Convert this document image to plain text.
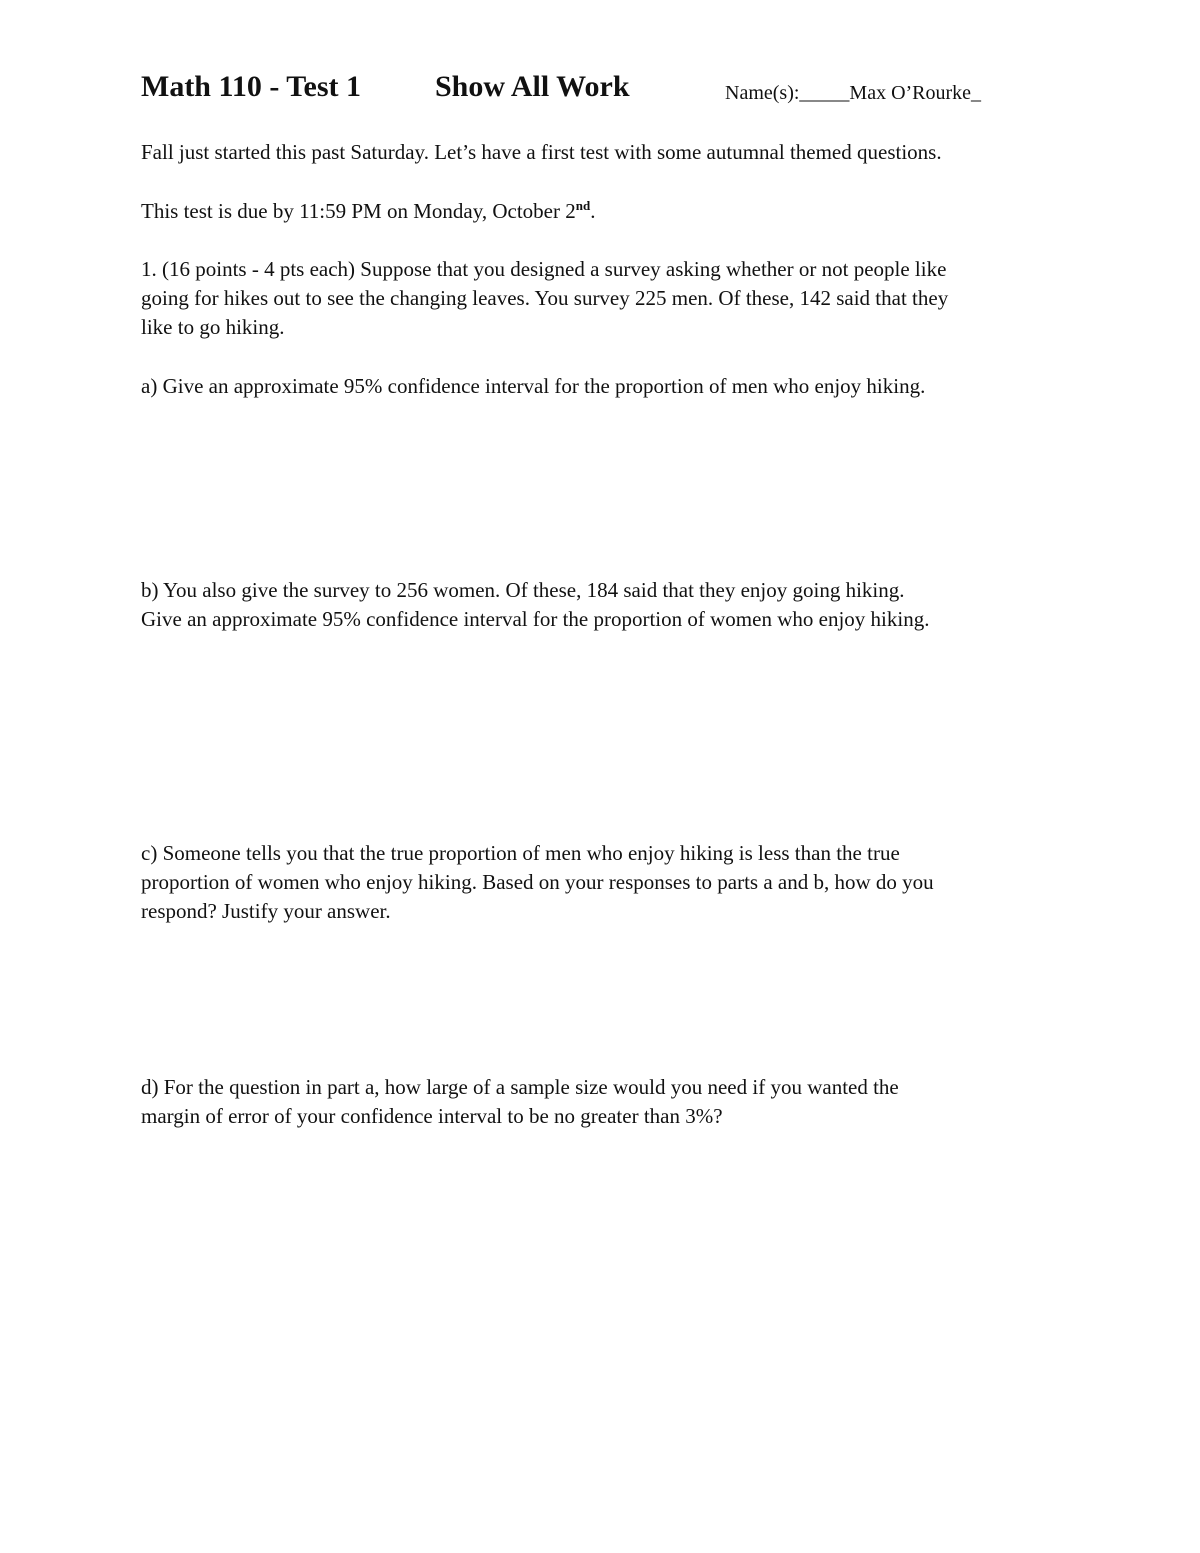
Math 110 - Test 1 Show All Work	Name(s):_____Max O’Rourke_

Fall just started this past Saturday. Let’s have a first test with some autumnal themed questions.

This test is due by 11:59 PM on Monday, October 2nd.

1. (16 points - 4 pts each) Suppose that you designed a survey asking whether or not people like
going for hikes out to see the changing leaves. You survey 225 men. Of these, 142 said that they
like to go hiking.

a) Give an approximate 95% confidence interval for the proportion of men who enjoy hiking.

b) You also give the survey to 256 women. Of these, 184 said that they enjoy going hiking.
Give an approximate 95% confidence interval for the proportion of women who enjoy hiking.

c) Someone tells you that the true proportion of men who enjoy hiking is less than the true
proportion of women who enjoy hiking. Based on your responses to parts a and b, how do you
respond? Justify your answer.

d) For the question in part a, how large of a sample size would you need if you wanted the
margin of error of your confidence interval to be no greater than 3%?
